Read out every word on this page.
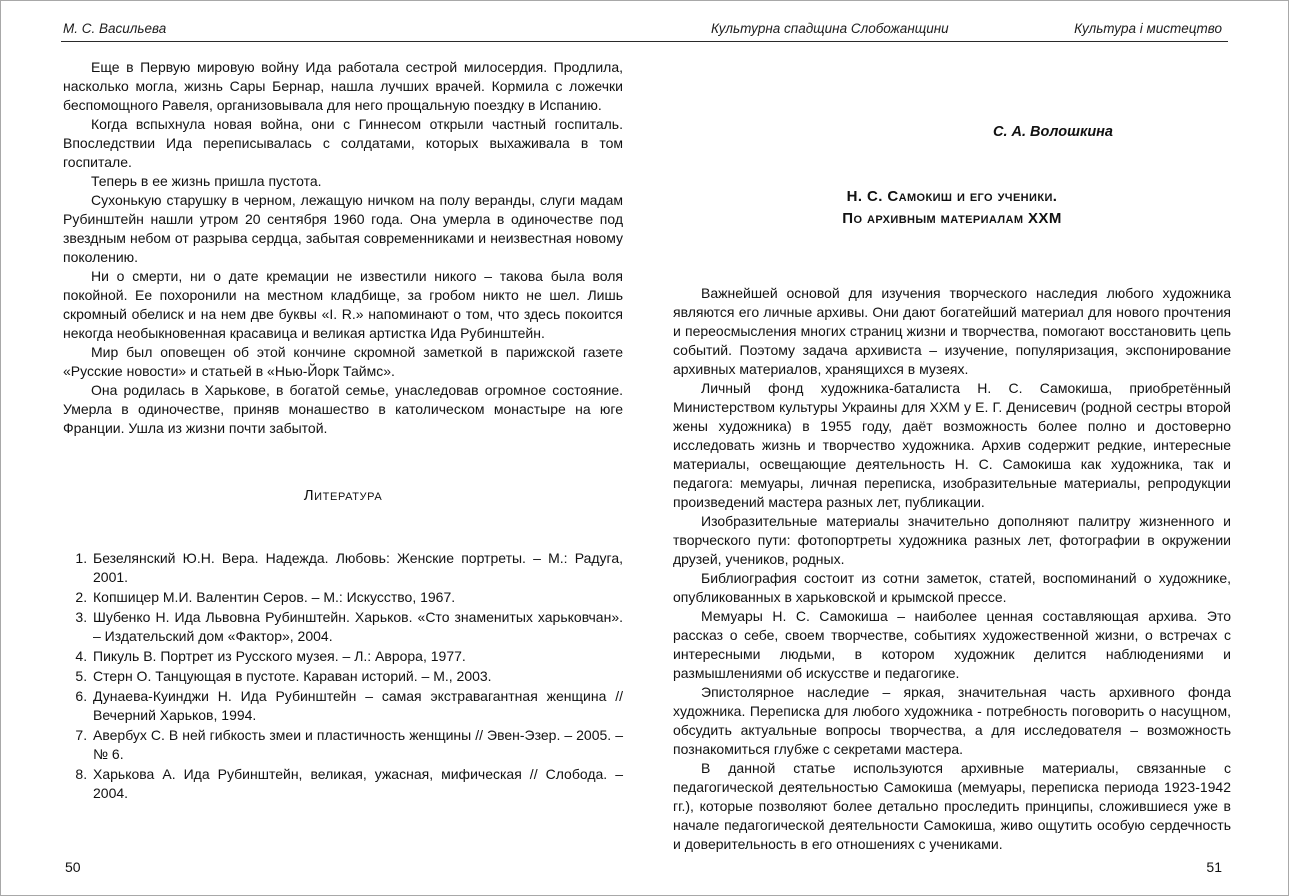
М. С. Васильева	Культурна спадщина Слобожанщини	Культура і мистецтво

Еще в Первую мировую войну Ида работала сестрой милосердия. Продлила, насколько могла, жизнь Сары Бернар, нашла лучших врачей. Кормила с ложечки беспомощного Равеля, организовывала для него прощальную поездку в Испанию.

Когда вспыхнула новая война, они с Гиннесом открыли частный госпиталь. Впоследствии Ида переписывалась с солдатами, которых выхаживала в том госпитале.

Теперь в ее жизнь пришла пустота.

Сухонькую старушку в черном, лежащую ничком на полу веранды, слуги мадам Рубинштейн нашли утром 20 сентября 1960 года. Она умерла в одиночестве под звездным небом от разрыва сердца, забытая современниками и неизвестная новому поколению.

Ни о смерти, ни о дате кремации не известили никого – такова была воля покойной. Ее похоронили на местном кладбище, за гробом никто не шел. Лишь скромный обелиск и на нем две буквы «I. R.» напоминают о том, что здесь покоится некогда необыкновенная красавица и великая артистка Ида Рубинштейн.

Мир был оповещен об этой кончине скромной заметкой в парижской газете «Русские новости» и статьей в «Нью-Йорк Таймс».

Она родилась в Харькове, в богатой семье, унаследовав огромное состояние. Умерла в одиночестве, приняв монашество в католическом монастыре на юге Франции. Ушла из жизни почти забытой.

Литература

1. Безелянский Ю.Н. Вера. Надежда. Любовь: Женские портреты. – М.: Радуга, 2001.
2. Копшицер М.И. Валентин Серов. – М.: Искусство, 1967.
3. Шубенко Н. Ида Львовна Рубинштейн. Харьков. «Сто знаменитых харьковчан». – Издательский дом «Фактор», 2004.
4. Пикуль В. Портрет из Русского музея. – Л.: Аврора, 1977.
5. Стерн О. Танцующая в пустоте. Караван историй. – М., 2003.
6. Дунаева-Куинджи Н. Ида Рубинштейн – самая экстравагантная женщина // Вечерний Харьков, 1994.
7. Авербух С. В ней гибкость змеи и пластичность женщины // Эвен-Эзер. – 2005. – № 6.
8. Харькова А. Ида Рубинштейн, великая, ужасная, мифическая // Слобода. – 2004.
С. А. Волошкина
Н. С. Самокиш и его ученики.
По архивным материалам ХХМ

Важнейшей основой для изучения творческого наследия любого художника являются его личные архивы. Они дают богатейший материал для нового прочтения и переосмысления многих страниц жизни и творчества, помогают восстановить цепь событий. Поэтому задача архивиста – изучение, популяризация, экспонирование архивных материалов, хранящихся в музеях.

Личный фонд художника-баталиста Н. С. Самокиша, приобретённый Министерством культуры Украины для ХХМ у Е. Г. Денисевич (родной сестры второй жены художника) в 1955 году, даёт возможность более полно и достоверно исследовать жизнь и творчество художника. Архив содержит редкие, интересные материалы, освещающие деятельность Н. С. Самокиша как художника, так и педагога: мемуары, личная переписка, изобразительные материалы, репродукции произведений мастера разных лет, публикации.

Изобразительные материалы значительно дополняют палитру жизненного и творческого пути: фотопортреты художника разных лет, фотографии в окружении друзей, учеников, родных.

Библиография состоит из сотни заметок, статей, воспоминаний о художнике, опубликованных в харьковской и крымской прессе.

Мемуары Н. С. Самокиша – наиболее ценная составляющая архива. Это рассказ о себе, своем творчестве, событиях художественной жизни, о встречах с интересными людьми, в котором художник делится наблюдениями и размышлениями об искусстве и педагогике.

Эпистолярное наследие – яркая, значительная часть архивного фонда художника. Переписка для любого художника - потребность поговорить о насущном, обсудить актуальные вопросы творчества, а для исследователя – возможность познакомиться глубже с секретами мастера.

В данной статье используются архивные материалы, связанные с педагогической деятельностью Самокиша (мемуары, переписка периода 1923-1942 гг.), которые позволяют более детально проследить принципы, сложившиеся уже в начале педагогической деятельности Самокиша, живо ощутить особую сердечность и доверительность в его отношениях с учениками.

50	51
